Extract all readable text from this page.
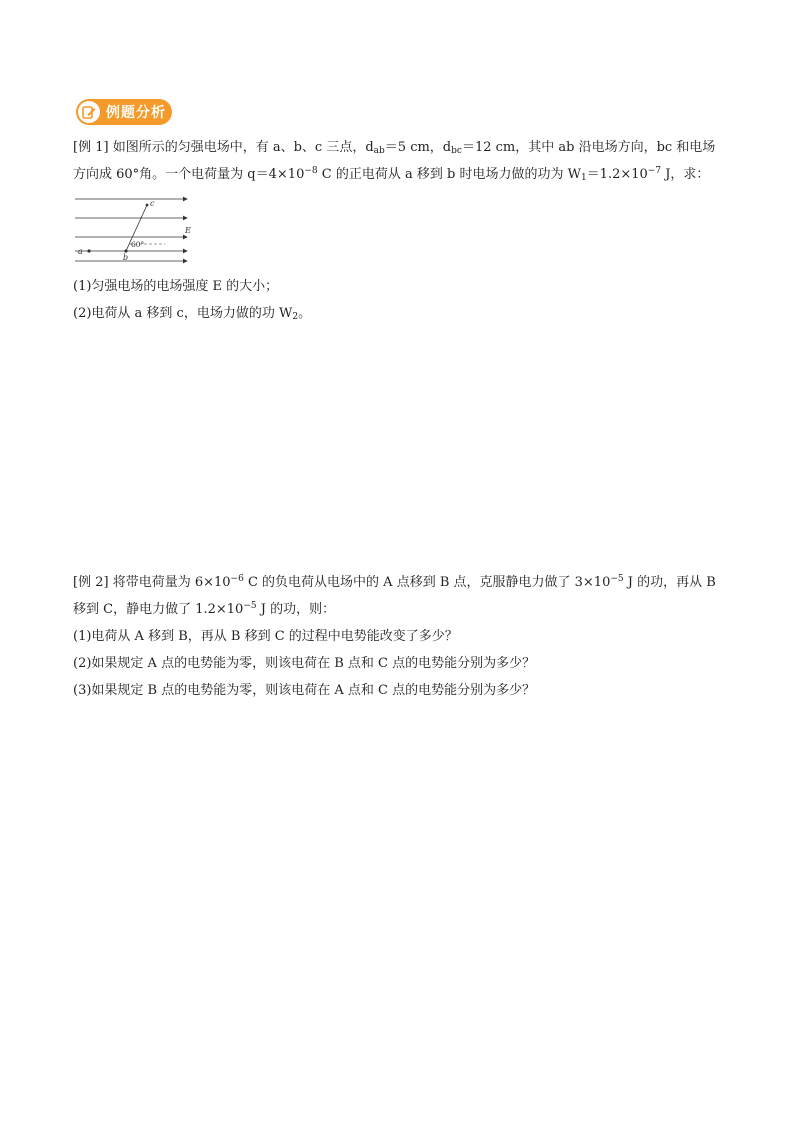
例题分析
[例 1] 如图所示的匀强电场中，有 a、b、c 三点，$d_{ab}=5$ cm，$d_{bc}=12$ cm，其中 ab 沿电场方向，bc 和电场
方向成 60°角。一个电荷量为 $q=4\times 10^{-8}$ C 的正电荷从 a 移到 b 时电场力做的功为 $W_1=1.2\times 10^{-7}$ J，求：
c
E
a
b
60°
(1)匀强电场的电场强度 E 的大小；
(2)电荷从 a 移到 c，电场力做的功 $W_2$。
[例 2] 将带电荷量为 $6\times 10^{-6}$ C 的负电荷从电场中的 A 点移到 B 点，克服静电力做了 $3\times 10^{-5}$ J 的功，再从 B
移到 C，静电力做了 $1.2\times 10^{-5}$ J 的功，则：
(1)电荷从 A 移到 B，再从 B 移到 C 的过程中电势能改变了多少？
(2)如果规定 A 点的电势能为零，则该电荷在 B 点和 C 点的电势能分别为多少？
(3)如果规定 B 点的电势能为零，则该电荷在 A 点和 C 点的电势能分别为多少？
